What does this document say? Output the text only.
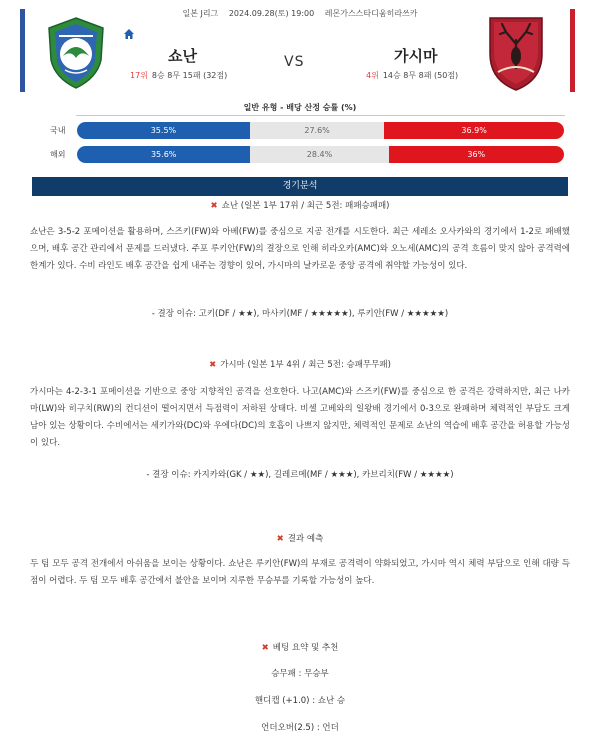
일본 J리그 2024.09.28(토) 19:00 레몬가스스타디움히라쓰카
쇼난	가시마
VS
17위 8승 8무 15패 (32점)	4위 14승 8무 8패 (50점)
일반 유형 - 배당 산정 승률 (%)
국내	35.5%	27.6%	36.9%
해외	35.6%	28.4%	36%
경기분석
✖ 쇼난 (일본 1부 17위 / 최근 5전: 패패승패패)
쇼난은 3-5-2 포메이션을 활용하며, 스즈키(FW)와 아베(FW)를 중심으로 지공 전개를 시도한다. 최근 세레소 오사카와의 경기에서 1-2로 패배했으며, 배후 공간 관리에서 문제를 드러냈다. 주포 루키안(FW)의 결장으로 인해 히라오카(AMC)와 오노세(AMC)의 공격 흐름이 맞지 않아 공격력에 한계가 있다. 수비 라인도 배후 공간을 쉽게 내주는 경향이 있어, 가시마의 날카로운 중앙 공격에 취약할 가능성이 있다.
- 결장 이슈: 고키(DF / ★★), 마사키(MF / ★★★★★), 루키안(FW / ★★★★★)
✖ 가시마 (일본 1부 4위 / 최근 5전: 승패무무패)
가시마는 4-2-3-1 포메이션을 기반으로 중앙 지향적인 공격을 선호한다. 나고(AMC)와 스즈키(FW)를 중심으로 한 공격은 강력하지만, 최근 나카마(LW)와 히구치(RW)의 컨디션이 떨어지면서 득점력이 저하된 상태다. 비셀 고베와의 일왕배 경기에서 0-3으로 완패하며 체력적인 부담도 크게 남아 있는 상황이다. 수비에서는 세키가와(DC)와 우에다(DC)의 호흡이 나쁘지 않지만, 체력적인 문제로 쇼난의 역습에 배후 공간을 허용할 가능성이 있다.
- 결장 이슈: 카지카와(GK / ★★), 길레르메(MF / ★★★), 카브리치(FW / ★★★★)
✖ 결과 예측
두 팀 모두 공격 전개에서 아쉬움을 보이는 상황이다. 쇼난은 루키안(FW)의 부재로 공격력이 약화되었고, 가시마 역시 체력 부담으로 인해 대량 득점이 어렵다. 두 팀 모두 배후 공간에서 불안을 보이며 지루한 무승부를 기록할 가능성이 높다.
✖ 베팅 요약 및 추천
승무패 : 무승부
핸디캡 (+1.0) : 쇼난 승
언더오버(2.5) : 언더
